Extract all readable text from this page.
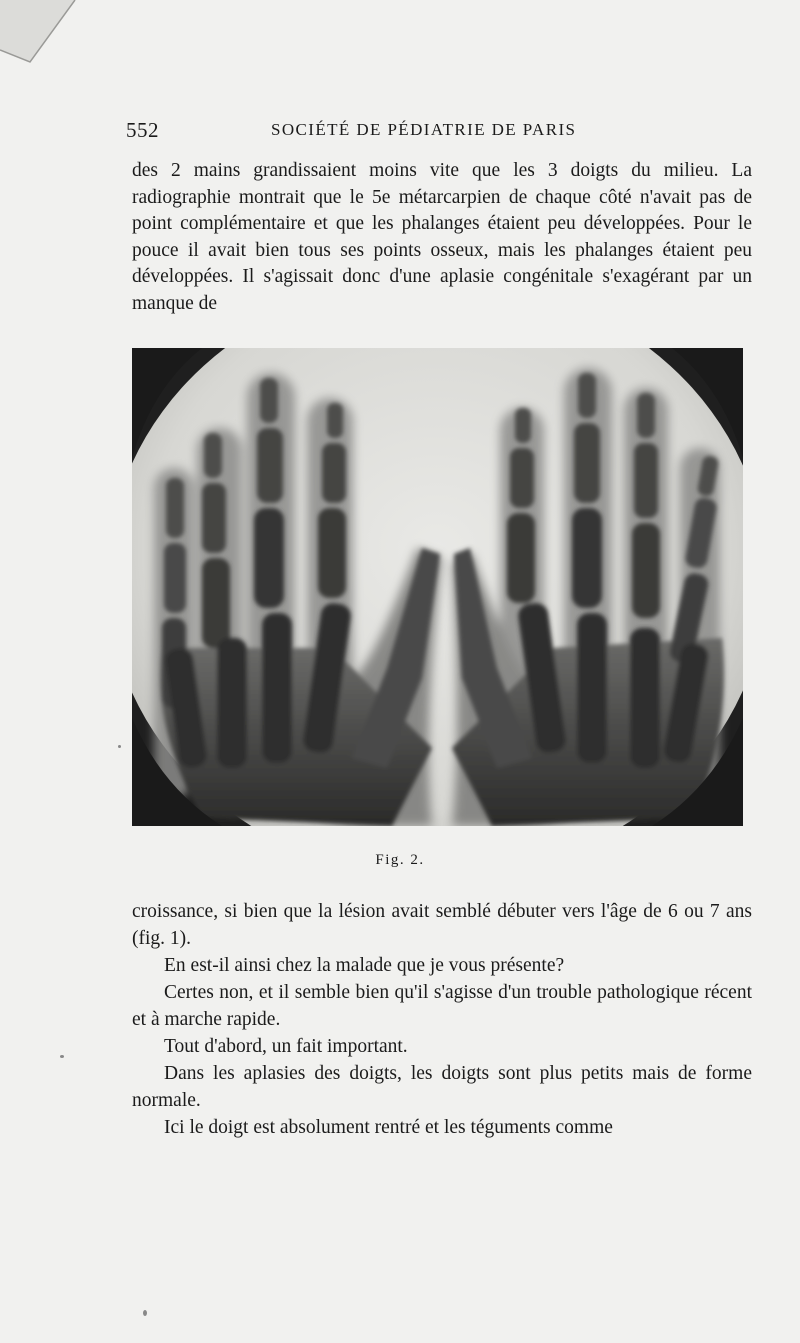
552	SOCIÉTÉ DE PÉDIATRIE DE PARIS

des 2 mains grandissaient moins vite que les 3 doigts du milieu. La radiographie montrait que le 5e métarcarpien de chaque côté n'avait pas de point complémentaire et que les phalanges étaient peu développées. Pour le pouce il avait bien tous ses points osseux, mais les phalanges étaient peu développées. Il s'agissait donc d'une aplasie congénitale s'exagérant par un manque de

Fig. 2.

croissance, si bien que la lésion avait semblé débuter vers l'âge de 6 ou 7 ans (fig. 1).

En est-il ainsi chez la malade que je vous présente?

Certes non, et il semble bien qu'il s'agisse d'un trouble pathologique récent et à marche rapide.

Tout d'abord, un fait important.

Dans les aplasies des doigts, les doigts sont plus petits mais de forme normale.

Ici le doigt est absolument rentré et les téguments comme
